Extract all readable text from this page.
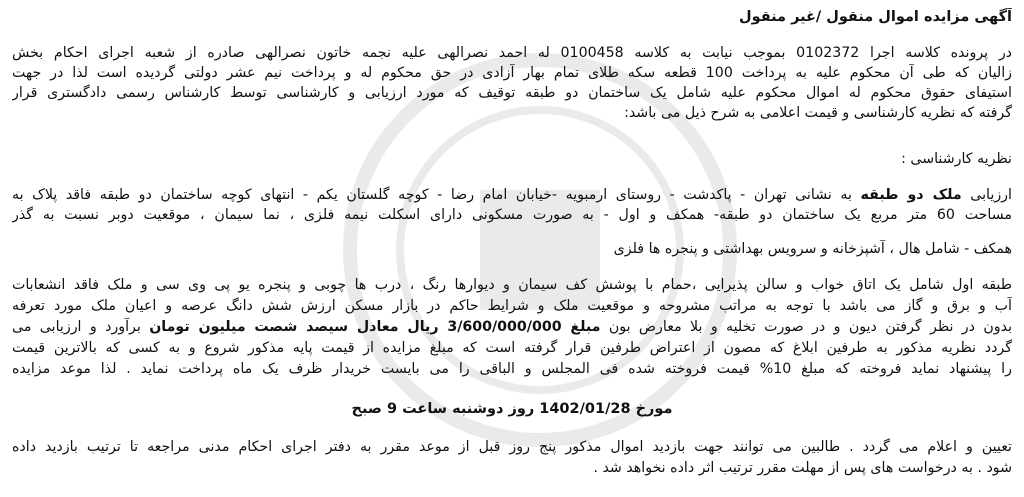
آگهی مزایده اموال منقول /غیر منقول
در پرونده کلاسه اجرا 0102372 بموجب نیابت به کلاسه 0100458 له احمد نصرالهی علیه نجمه خاتون نصرالهی صادره از شعبه اجرای احکام بخش
زالیان که طی آن محکوم علیه به پرداخت 100 قطعه سکه طلای تمام بهار آزادی در حق محکوم له و پرداخت نیم عشر دولتی گردیده است لذا در جهت
استیفای حقوق محکوم له اموال محکوم علیه شامل یک ساختمان دو طبقه توقیف که مورد ارزیابی و کارشناسی توسط کارشناس رسمی دادگستری قرار
گرفته که نظریه کارشناسی و قیمت اعلامی به شرح ذیل می باشد:
نظریه کارشناسی :
ارزیابی ملک دو طبقه به نشانی تهران - پاکدشت - روستای ارمبویه -خیابان امام رضا - کوچه گلستان یکم - انتهای کوچه ساختمان دو طبقه فاقد پلاک به
مساحت 60 متر مربع یک ساختمان دو طبقه- همکف و اول - به صورت مسکونی دارای اسکلت نیمه فلزی ، نما سیمان ، موقعیت دوبر نسبت به گذر
همکف - شامل هال ، آشپزخانه و سرویس بهداشتی و پنجره ها فلزی
طبقه اول شامل یک اتاق خواب و سالن پذیرایی ،حمام با پوشش کف سیمان و دیوارها رنگ ، درب ها چوبی و پنجره یو پی وی سی و ملک فاقد انشعابات
آب و برق و گاز می باشد با توجه به مراتب مشروحه و موقعیت ملک و شرایط حاکم در بازار مسکن ارزش شش دانگ عرصه و اعیان ملک مورد تعرفه
بدون در نظر گرفتن دیون و در صورت تخلیه و بلا معارض بون مبلغ 3/600/000/000 ریال معادل سیصد شصت میلیون تومان برآورد و ارزیابی می
گردد نظریه مذکور به طرفین ابلاغ که مصون از اعتراض طرفین قرار گرفته است که مبلغ مزایده از قیمت پایه مذکور شروع و به کسی که بالاترین قیمت
را پیشنهاد نماید فروخته که مبلغ 10% قیمت فروخته شده فی المجلس و الباقی را می بایست خریدار ظرف یک ماه پرداخت نماید . لذا موعد مزایده
مورخ 1402/01/28 روز دوشنبه ساعت 9 صبح
تعیین و اعلام می گردد . طالبین می توانند جهت بازدید اموال مذکور پنج روز قبل از موعد مقرر به دفتر اجرای احکام مدنی مراجعه تا ترتیب بازدید داده
شود . به درخواست های پس از مهلت مقرر ترتیب اثر داده نخواهد شد .
